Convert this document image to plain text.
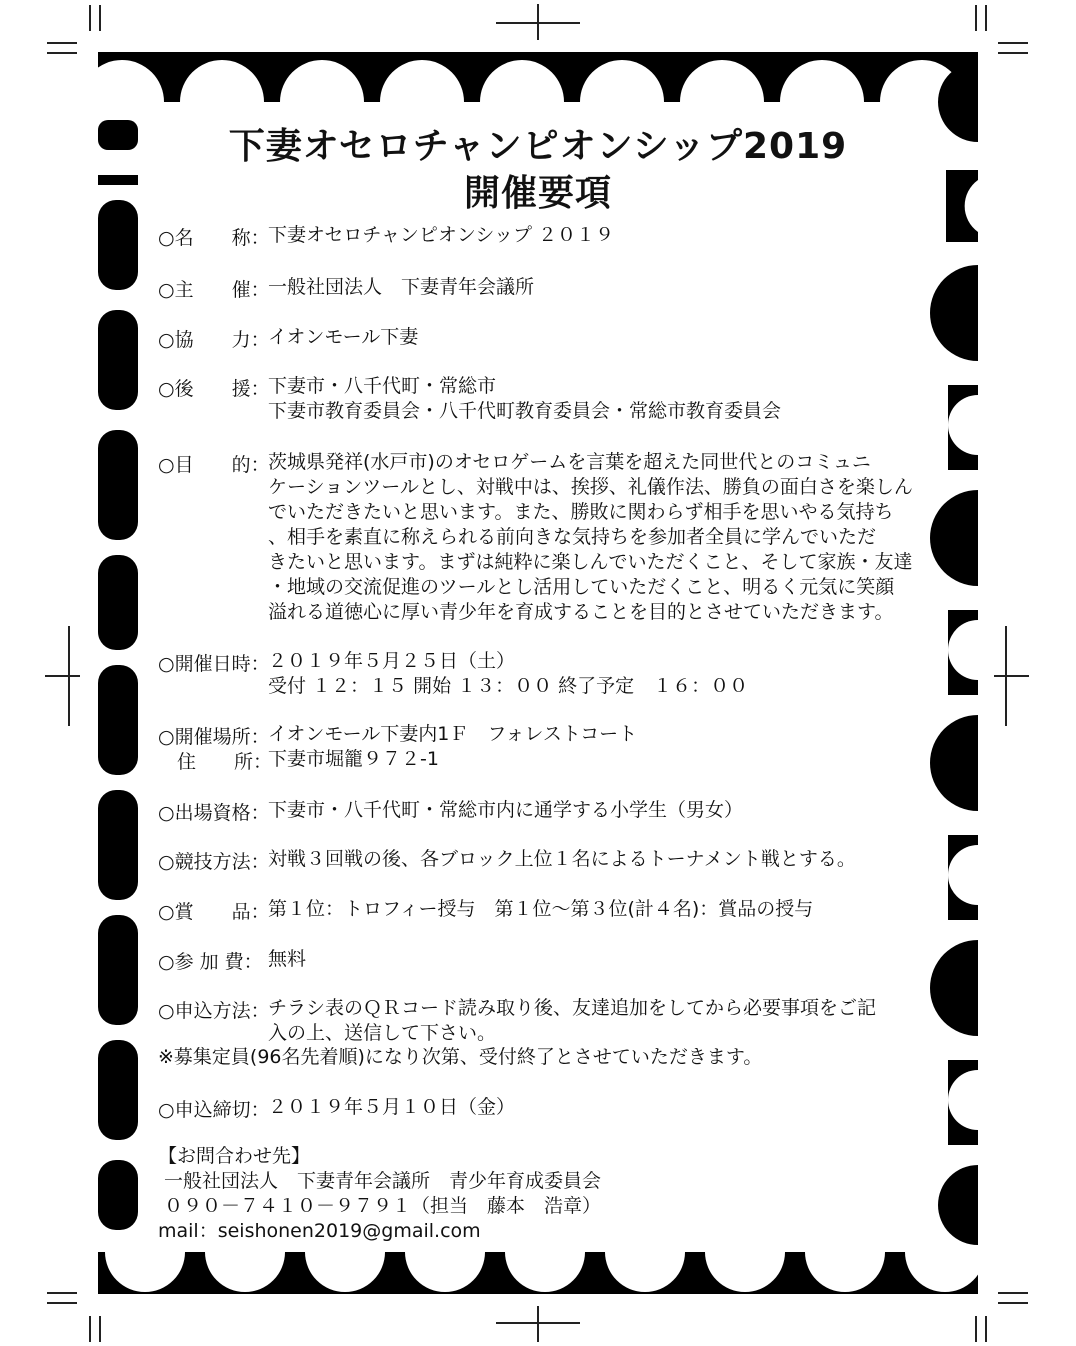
下妻オセロチャンピオンシップ2019
開催要項
○名　　称：
下妻オセロチャンピオンシップ ２０１９
○主　　催：
一般社団法人　下妻青年会議所
○協　　力：
イオンモール下妻
○後　　援：
下妻市・八千代町・常総市
下妻市教育委員会・八千代町教育委員会・常総市教育委員会
○目　　的：
茨城県発祥(水戸市)のオセロゲームを言葉を超えた同世代とのコミュニ
ケーションツールとし、対戦中は、挨拶、礼儀作法、勝負の面白さを楽しん
でいただきたいと思います。また、勝敗に関わらず相手を思いやる気持ち
、相手を素直に称えられる前向きな気持ちを参加者全員に学んでいただ
きたいと思います。まずは純粋に楽しんでいただくこと、そして家族・友達
・地域の交流促進のツールとし活用していただくこと、明るく元気に笑顔
溢れる道徳心に厚い青少年を育成することを目的とさせていただきます。
○開催日時：
２０１９年５月２５日（土）
受付 １２：１５ 開始 １３：００ 終了予定　１６：００
○開催場所：
イオンモール下妻内1Ｆ　フォレストコート
　住　　所：
下妻市堀籠９７２-1
○出場資格：
下妻市・八千代町・常総市内に通学する小学生（男女）
○競技方法：
対戦３回戦の後、各ブロック上位１名によるトーナメント戦とする。
○賞　　品：
第１位：トロフィー授与　第１位～第３位(計４名)：賞品の授与
○参 加 費： 無料
○申込方法：
チラシ表のＱＲコード読み取り後、友達追加をしてから必要事項をご記
入の上、送信して下さい。
※募集定員(96名先着順)になり次第、受付終了とさせていただきます。
○申込締切：
２０１９年５月１０日（金）
【お問合わせ先】
一般社団法人　下妻青年会議所　青少年育成委員会
０９０－７４１０－９７９１（担当　藤本　浩章）
mail：seishonen2019@gmail.com
